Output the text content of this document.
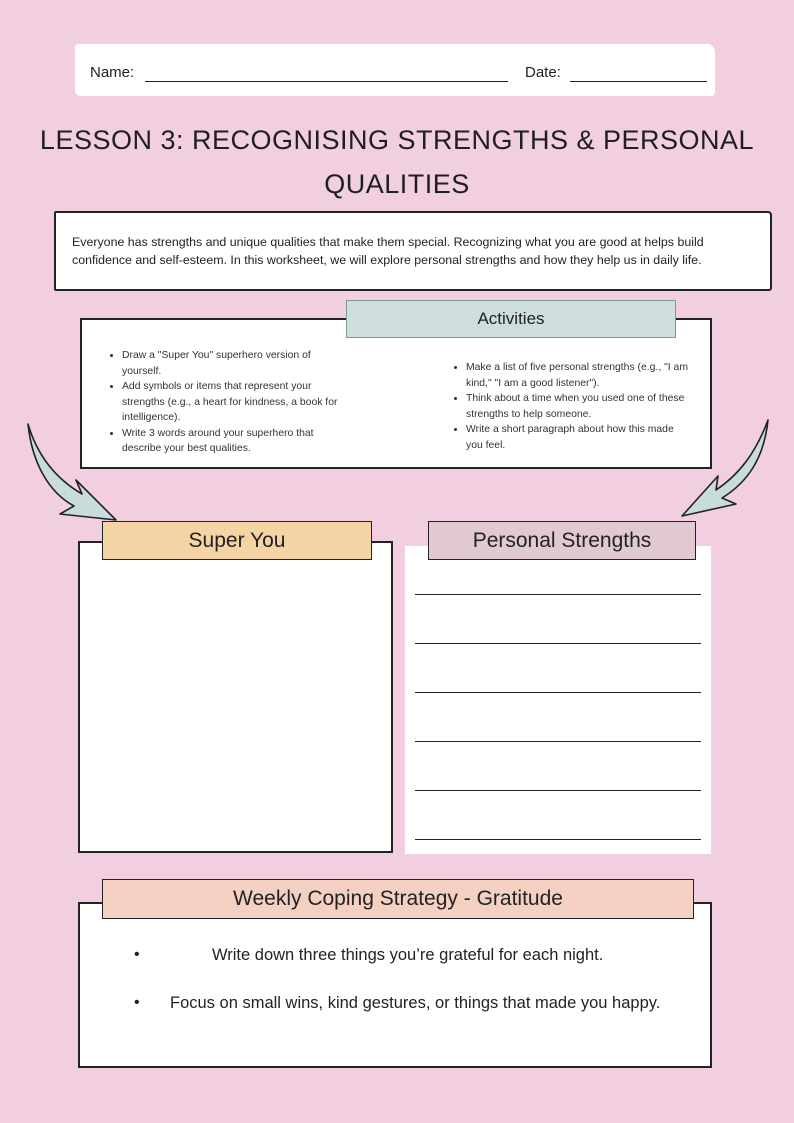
Name:	Date:
LESSON 3: RECOGNISING STRENGTHS & PERSONAL
QUALITIES
Everyone has strengths and unique qualities that make them special. Recognizing what you are good at helps build confidence and self-esteem. In this worksheet, we will explore personal strengths and how they help us in daily life.
• Draw a "Super You" superhero version of yourself.
• Add symbols or items that represent your strengths (e.g., a heart for kindness, a book for intelligence).
• Write 3 words around your superhero that describe your best qualities.
• Make a list of five personal strengths (e.g., "I am kind," "I am a good listener").
• Think about a time when you used one of these strengths to help someone.
• Write a short paragraph about how this made you feel.
Activities
Super You	Personal Strengths
•	Write down three things you’re grateful for each night.
• Focus on small wins, kind gestures, or things that made you happy.
Weekly Coping Strategy - Gratitude
